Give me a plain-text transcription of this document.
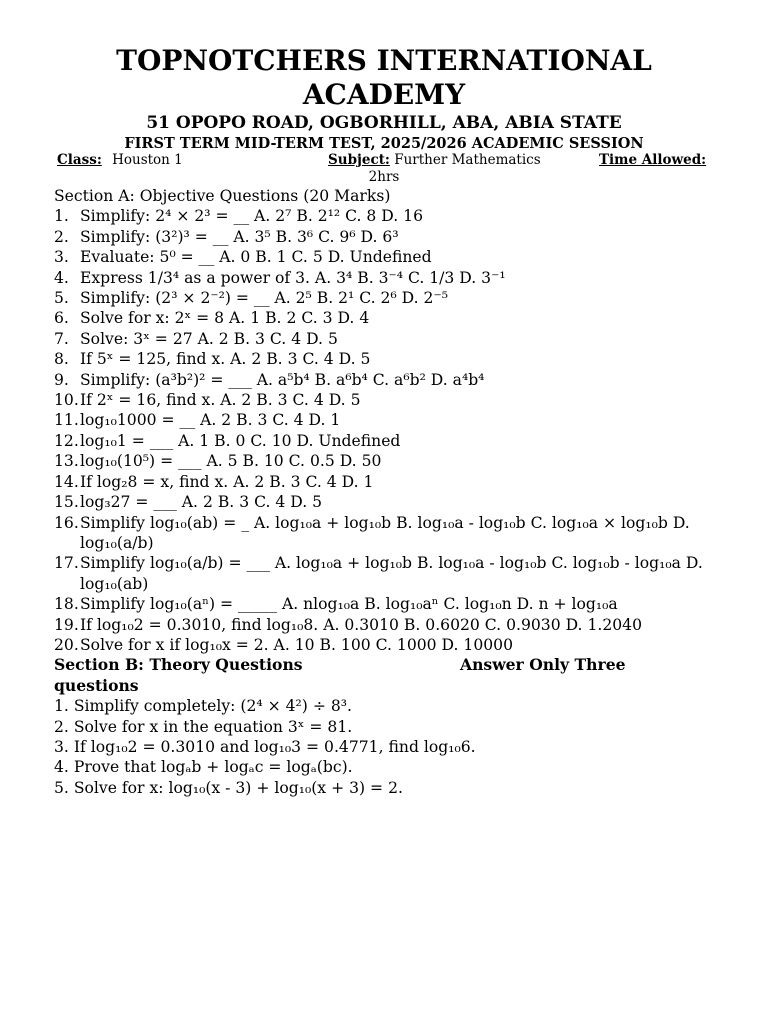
TOPNOTCHERS INTERNATIONAL ACADEMY
51 OPOPO ROAD, OGBORHILL, ABA, ABIA STATE
FIRST TERM MID-TERM TEST, 2025/2026 ACADEMIC SESSION
Class: Houston 1	Subject: Further Mathematics	Time Allowed:
2hrs
Section A: Objective Questions (20 Marks)
1. Simplify: 2⁴ × 2³ = __ A. 2⁷ B. 2¹² C. 8 D. 16
2. Simplify: (3²)³ = __ A. 3⁵ B. 3⁶ C. 9⁶ D. 6³
3. Evaluate: 5⁰ = __ A. 0 B. 1 C. 5 D. Undefined
4. Express 1/3⁴ as a power of 3. A. 3⁴ B. 3⁻⁴ C. 1/3 D. 3⁻¹
5. Simplify: (2³ × 2⁻²) = __ A. 2⁵ B. 2¹ C. 2⁶ D. 2⁻⁵
6. Solve for x: 2ˣ = 8 A. 1 B. 2 C. 3 D. 4
7. Solve: 3ˣ = 27 A. 2 B. 3 C. 4 D. 5
8. If 5ˣ = 125, find x. A. 2 B. 3 C. 4 D. 5
9. Simplify: (a³b²)² = ___ A. a⁵b⁴ B. a⁶b⁴ C. a⁶b² D. a⁴b⁴
10. If 2ˣ = 16, find x. A. 2 B. 3 C. 4 D. 5
11. log₁₀1000 = __ A. 2 B. 3 C. 4 D. 1
12. log₁₀1 = ___ A. 1 B. 0 C. 10 D. Undefined
13. log₁₀(10⁵) = ___ A. 5 B. 10 C. 0.5 D. 50
14. If log₂8 = x, find x. A. 2 B. 3 C. 4 D. 1
15. log₃27 = ___ A. 2 B. 3 C. 4 D. 5
16. Simplify log₁₀(ab) = _ A. log₁₀a + log₁₀b B. log₁₀a - log₁₀b C. log₁₀a × log₁₀b D. log₁₀(a/b)
17. Simplify log₁₀(a/b) = ___ A. log₁₀a + log₁₀b B. log₁₀a - log₁₀b C. log₁₀b - log₁₀a D. log₁₀(ab)
18. Simplify log₁₀(aⁿ) = _____ A. nlog₁₀a B. log₁₀aⁿ C. log₁₀n D. n + log₁₀a
19. If log₁₀2 = 0.3010, find log₁₀8. A. 0.3010 B. 0.6020 C. 0.9030 D. 1.2040
20. Solve for x if log₁₀x = 2. A. 10 B. 100 C. 1000 D. 10000
Section B: Theory Questions	Answer Only Three
questions
1. Simplify completely: (2⁴ × 4²) ÷ 8³.
2. Solve for x in the equation 3ˣ = 81.
3. If log₁₀2 = 0.3010 and log₁₀3 = 0.4771, find log₁₀6.
4. Prove that logₐb + logₐc = logₐ(bc).
5. Solve for x: log₁₀(x - 3) + log₁₀(x + 3) = 2.
